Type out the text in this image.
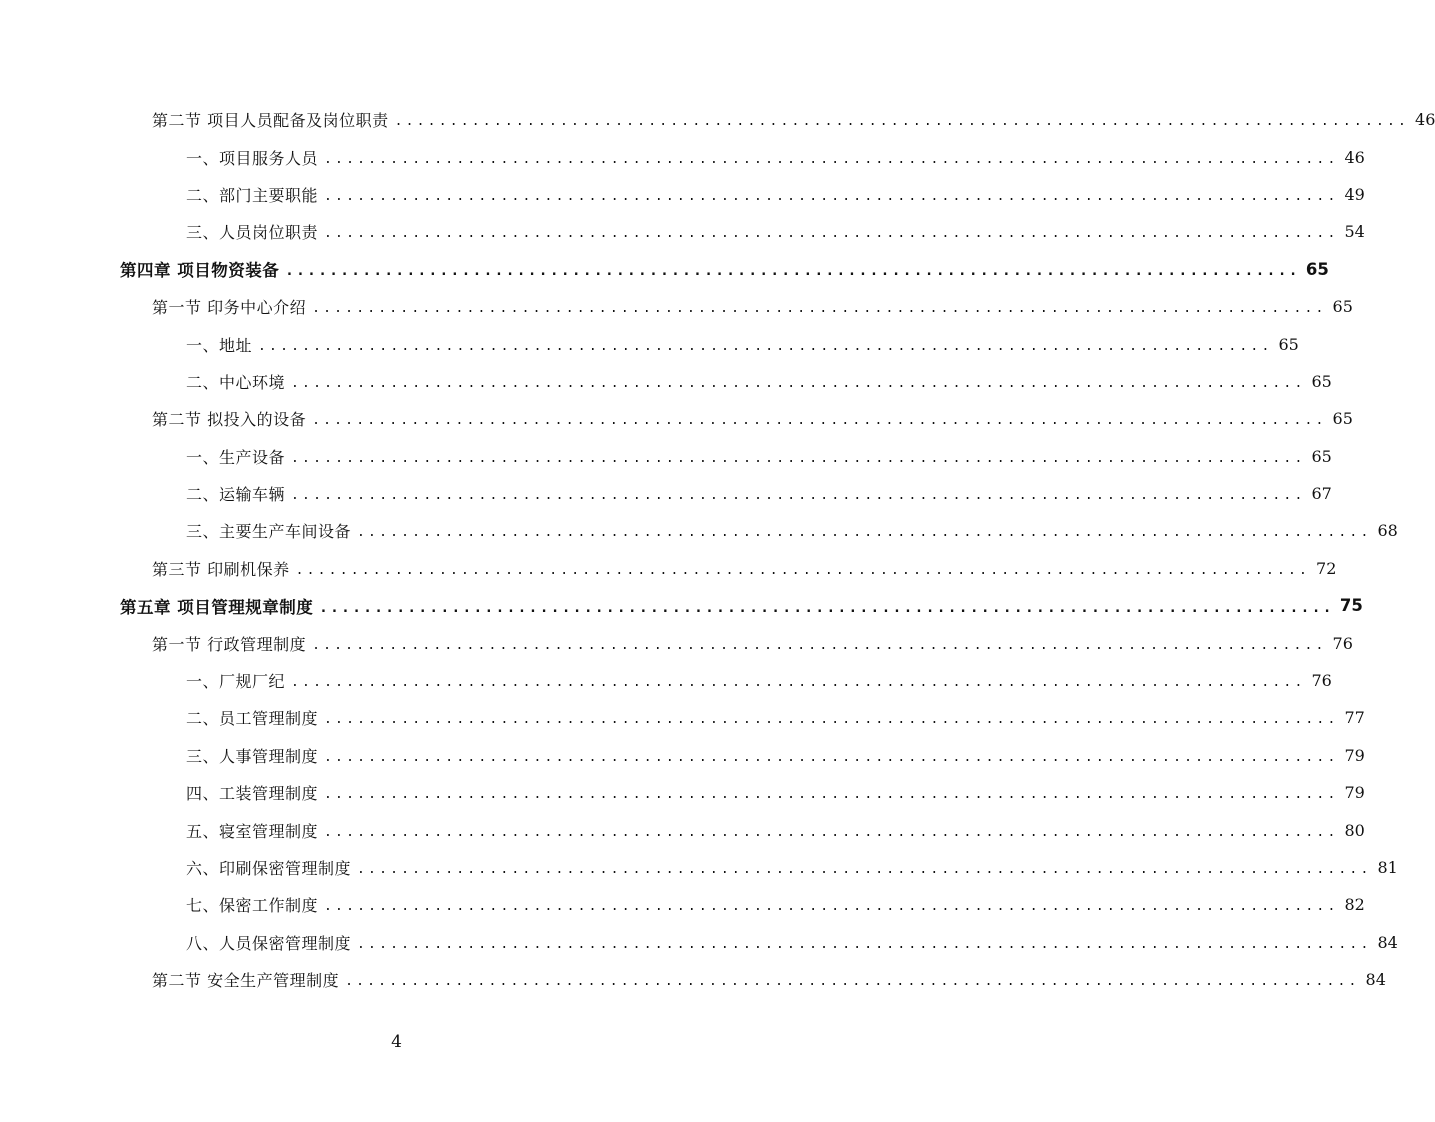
第二节 项目人员配备及岗位职责 ............................................................................................ 46
一、项目服务人员 ............................................................................................ 46
二、部门主要职能 ............................................................................................ 49
三、人员岗位职责 ............................................................................................ 54
第四章 项目物资装备 ............................................................................................ 65
第一节 印务中心介绍 ............................................................................................ 65
一、地址 ............................................................................................ 65
二、中心环境 ............................................................................................ 65
第二节 拟投入的设备 ............................................................................................ 65
一、生产设备 ............................................................................................ 65
二、运输车辆 ............................................................................................ 67
三、主要生产车间设备 ............................................................................................ 68
第三节 印刷机保养 ............................................................................................ 72
第五章 项目管理规章制度 ............................................................................................ 75
第一节 行政管理制度 ............................................................................................ 76
一、厂规厂纪 ............................................................................................ 76
二、员工管理制度 ............................................................................................ 77
三、人事管理制度 ............................................................................................ 79
四、工装管理制度 ............................................................................................ 79
五、寝室管理制度 ............................................................................................ 80
六、印刷保密管理制度 ............................................................................................ 81
七、保密工作制度 ............................................................................................ 82
八、人员保密管理制度 ............................................................................................ 84
第二节 安全生产管理制度 ............................................................................................ 84
4
